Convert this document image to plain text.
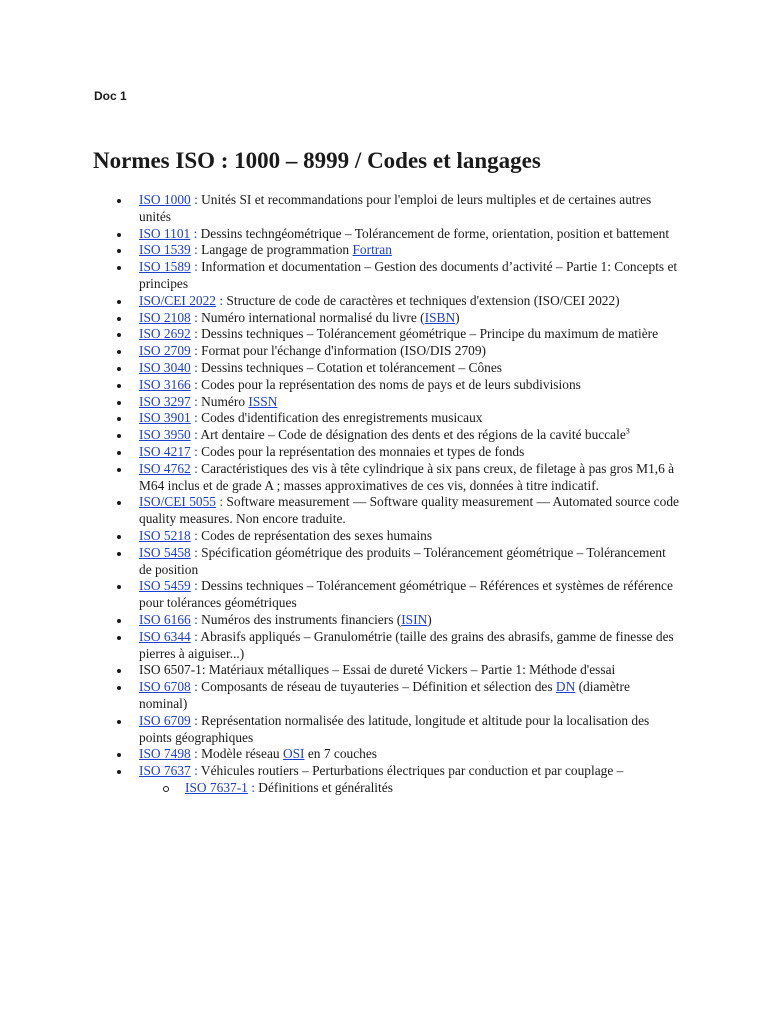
Doc 1
Normes ISO : 1000 – 8999 / Codes et langages
ISO 1000 : Unités SI et recommandations pour l'emploi de leurs multiples et de certaines autres unités
ISO 1101 : Dessins techngéométrique – Tolérancement de forme, orientation, position et battement
ISO 1539 : Langage de programmation Fortran
ISO 1589 : Information et documentation – Gestion des documents d’activité – Partie 1: Concepts et principes
ISO/CEI 2022 : Structure de code de caractères et techniques d'extension (ISO/CEI 2022)
ISO 2108 : Numéro international normalisé du livre (ISBN)
ISO 2692 : Dessins techniques – Tolérancement géométrique – Principe du maximum de matière
ISO 2709 : Format pour l'échange d'information (ISO/DIS 2709)
ISO 3040 : Dessins techniques – Cotation et tolérancement – Cônes
ISO 3166 : Codes pour la représentation des noms de pays et de leurs subdivisions
ISO 3297 : Numéro ISSN
ISO 3901 : Codes d'identification des enregistrements musicaux
ISO 3950 : Art dentaire – Code de désignation des dents et des régions de la cavité buccale$^3$
ISO 4217 : Codes pour la représentation des monnaies et types de fonds
ISO 4762 : Caractéristiques des vis à tête cylindrique à six pans creux, de filetage à pas gros M1,6 à M64 inclus et de grade A ; masses approximatives de ces vis, données à titre indicatif.
ISO/CEI 5055 : Software measurement — Software quality measurement — Automated source code quality measures. Non encore traduite.
ISO 5218 : Codes de représentation des sexes humains
ISO 5458 : Spécification géométrique des produits – Tolérancement géométrique – Tolérancement de position
ISO 5459 : Dessins techniques – Tolérancement géométrique – Références et systèmes de référence pour tolérances géométriques
ISO 6166 : Numéros des instruments financiers (ISIN)
ISO 6344 : Abrasifs appliqués – Granulométrie (taille des grains des abrasifs, gamme de finesse des pierres à aiguiser...)
ISO 6507-1: Matériaux métalliques – Essai de dureté Vickers – Partie 1: Méthode d'essai
ISO 6708 : Composants de réseau de tuyauteries – Définition et sélection des DN (diamètre nominal)
ISO 6709 : Représentation normalisée des latitude, longitude et altitude pour la localisation des points géographiques
ISO 7498 : Modèle réseau OSI en 7 couches
ISO 7637 : Véhicules routiers – Perturbations électriques par conduction et par couplage –
ISO 7637-1 : Définitions et généralités
